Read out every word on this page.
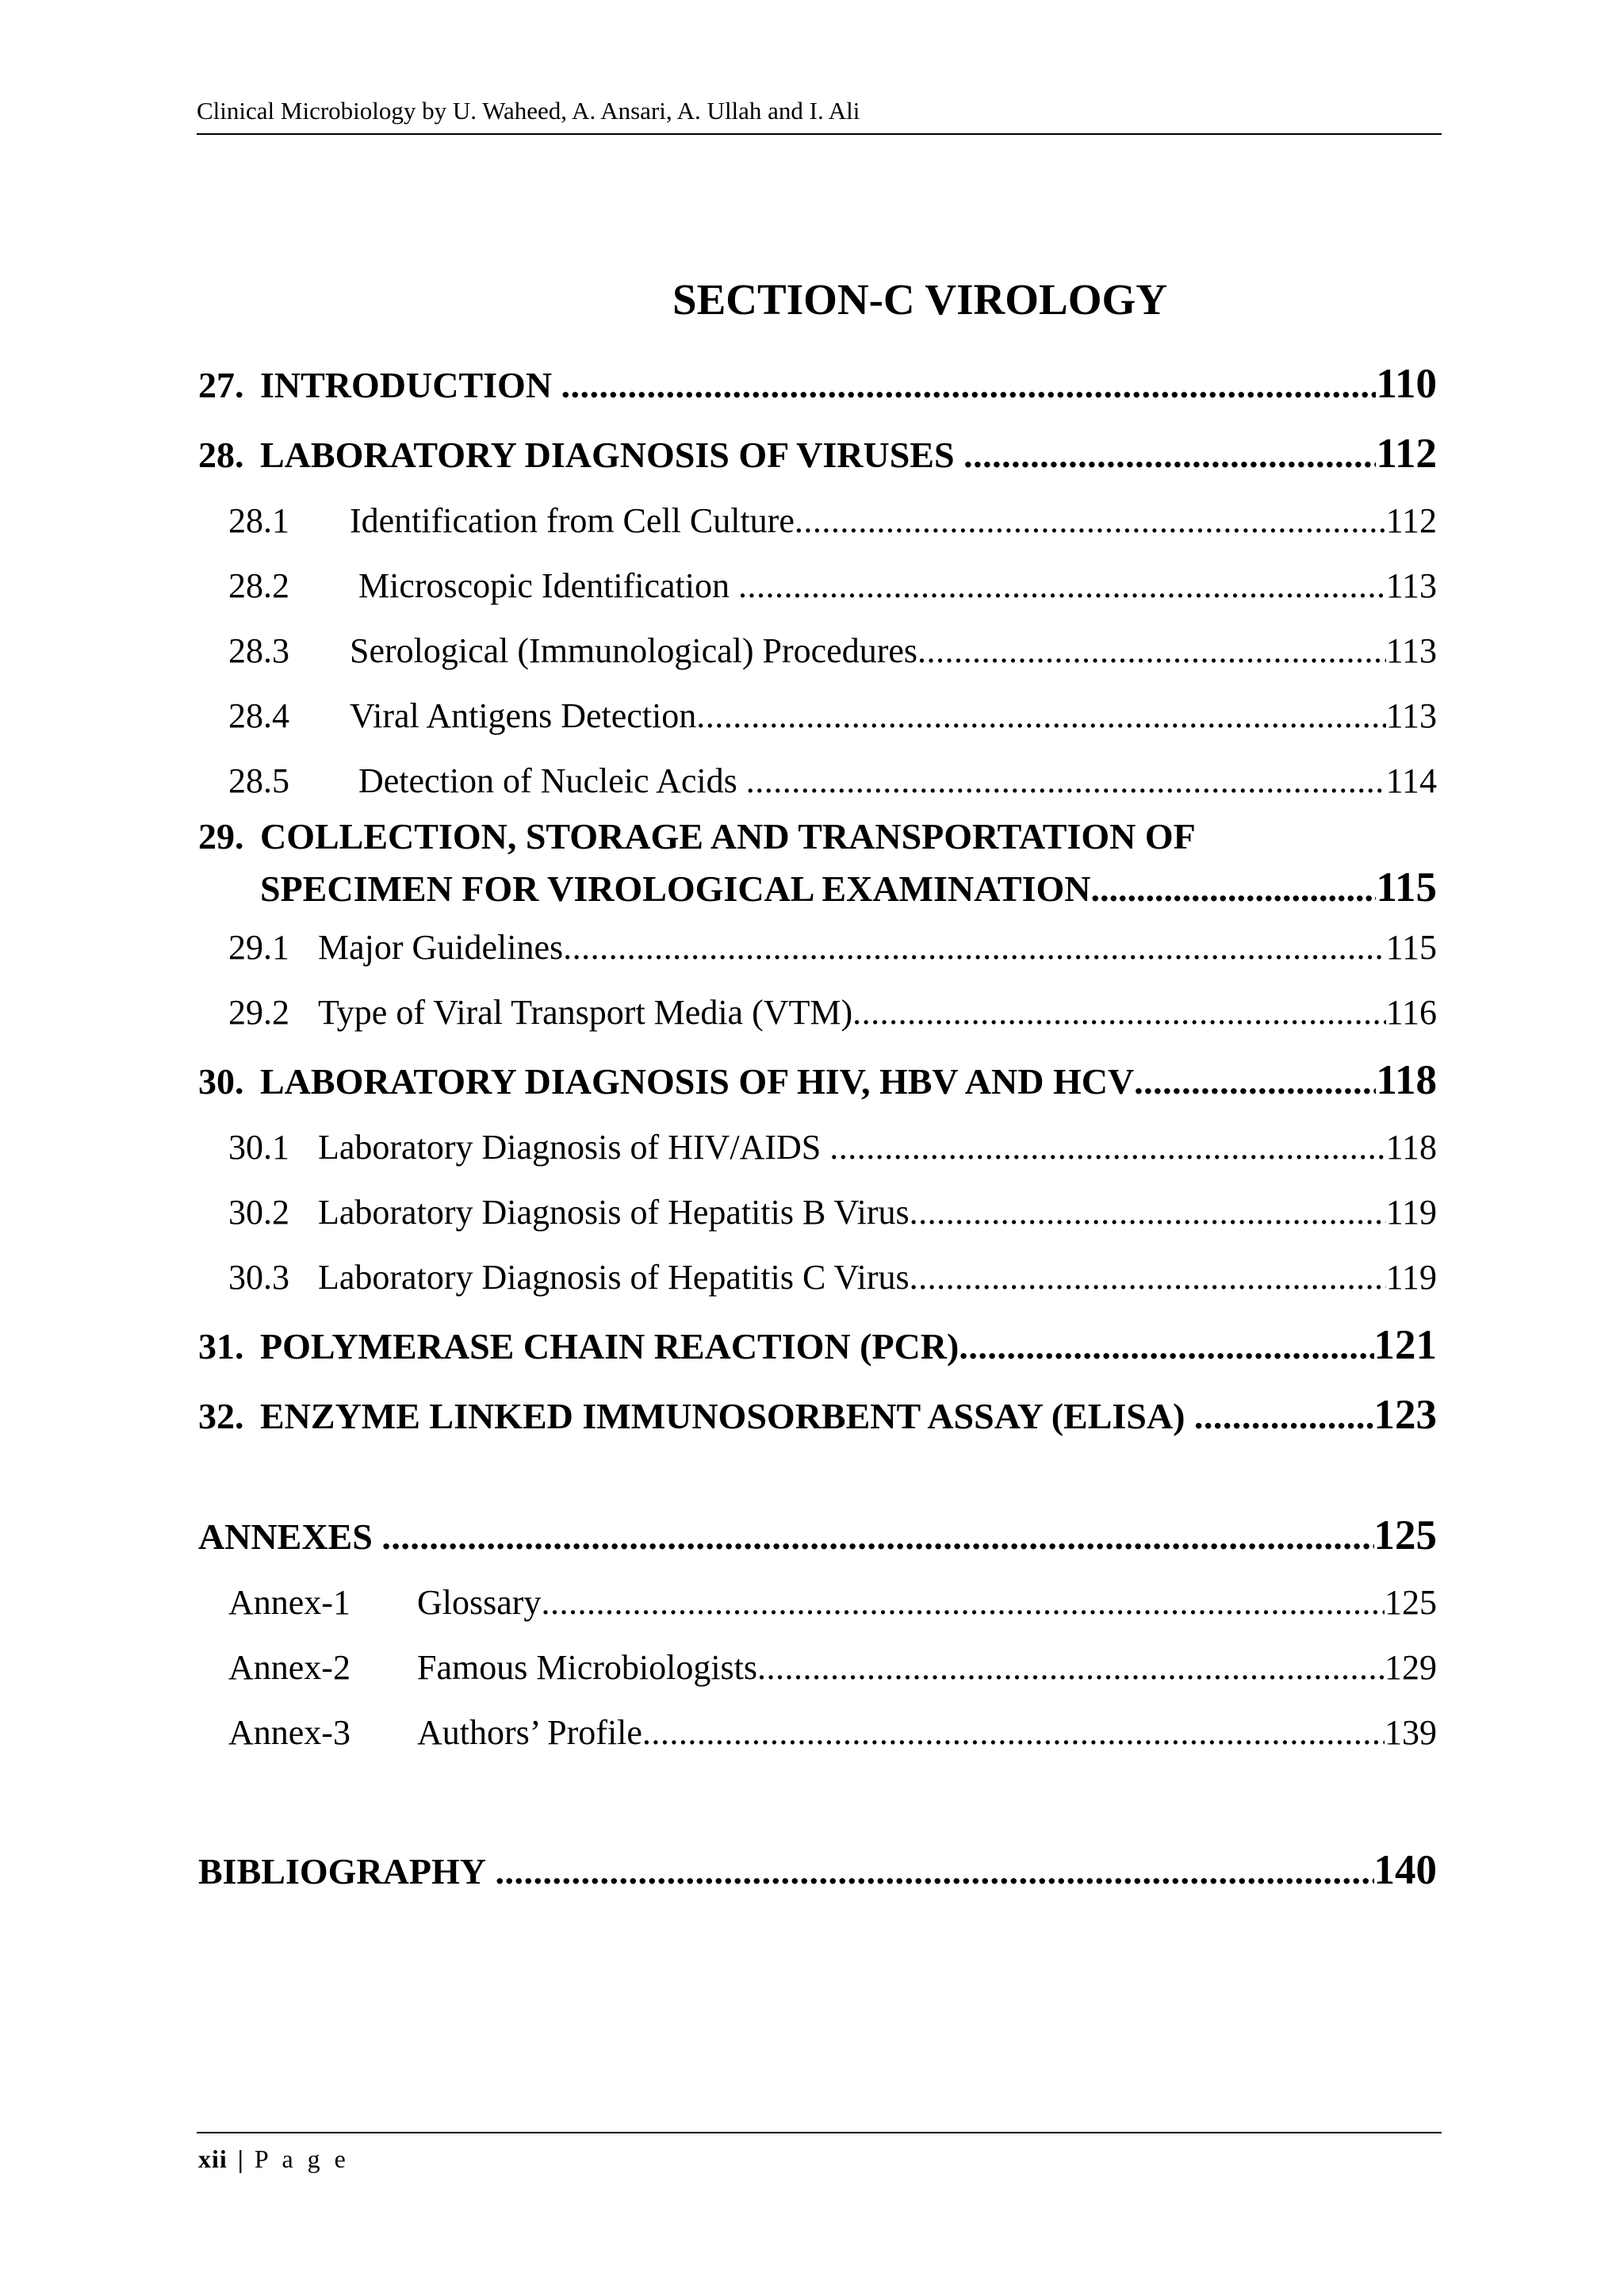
Clinical Microbiology by U. Waheed, A. Ansari, A. Ullah and I. Ali
SECTION-C VIROLOGY
27. INTRODUCTION .....	110
28. LABORATORY DIAGNOSIS OF VIRUSES .....	112
28.1 Identification from Cell Culture .....	112
28.2 Microscopic Identification .....	113
28.3 Serological (Immunological) Procedures .....	113
28.4 Viral Antigens Detection .....	113
28.5 Detection of Nucleic Acids .....	114
29. COLLECTION, STORAGE AND TRANSPORTATION OF
SPECIMEN FOR VIROLOGICAL EXAMINATION .....	115
29.1 Major Guidelines .....	115
29.2 Type of Viral Transport Media (VTM) .....	116
30. LABORATORY DIAGNOSIS OF HIV, HBV AND HCV .....	118
30.1 Laboratory Diagnosis of HIV/AIDS .....	118
30.2 Laboratory Diagnosis of Hepatitis B Virus .....	119
30.3 Laboratory Diagnosis of Hepatitis C Virus .....	119
31. POLYMERASE CHAIN REACTION (PCR) .....	121
32. ENZYME LINKED IMMUNOSORBENT ASSAY (ELISA) .....	123
ANNEXES .....	125
Annex-1 Glossary .....	125
Annex-2 Famous Microbiologists .....	129
Annex-3 Authors’ Profile .....	139
BIBLIOGRAPHY .....	140
xii | P a g e
